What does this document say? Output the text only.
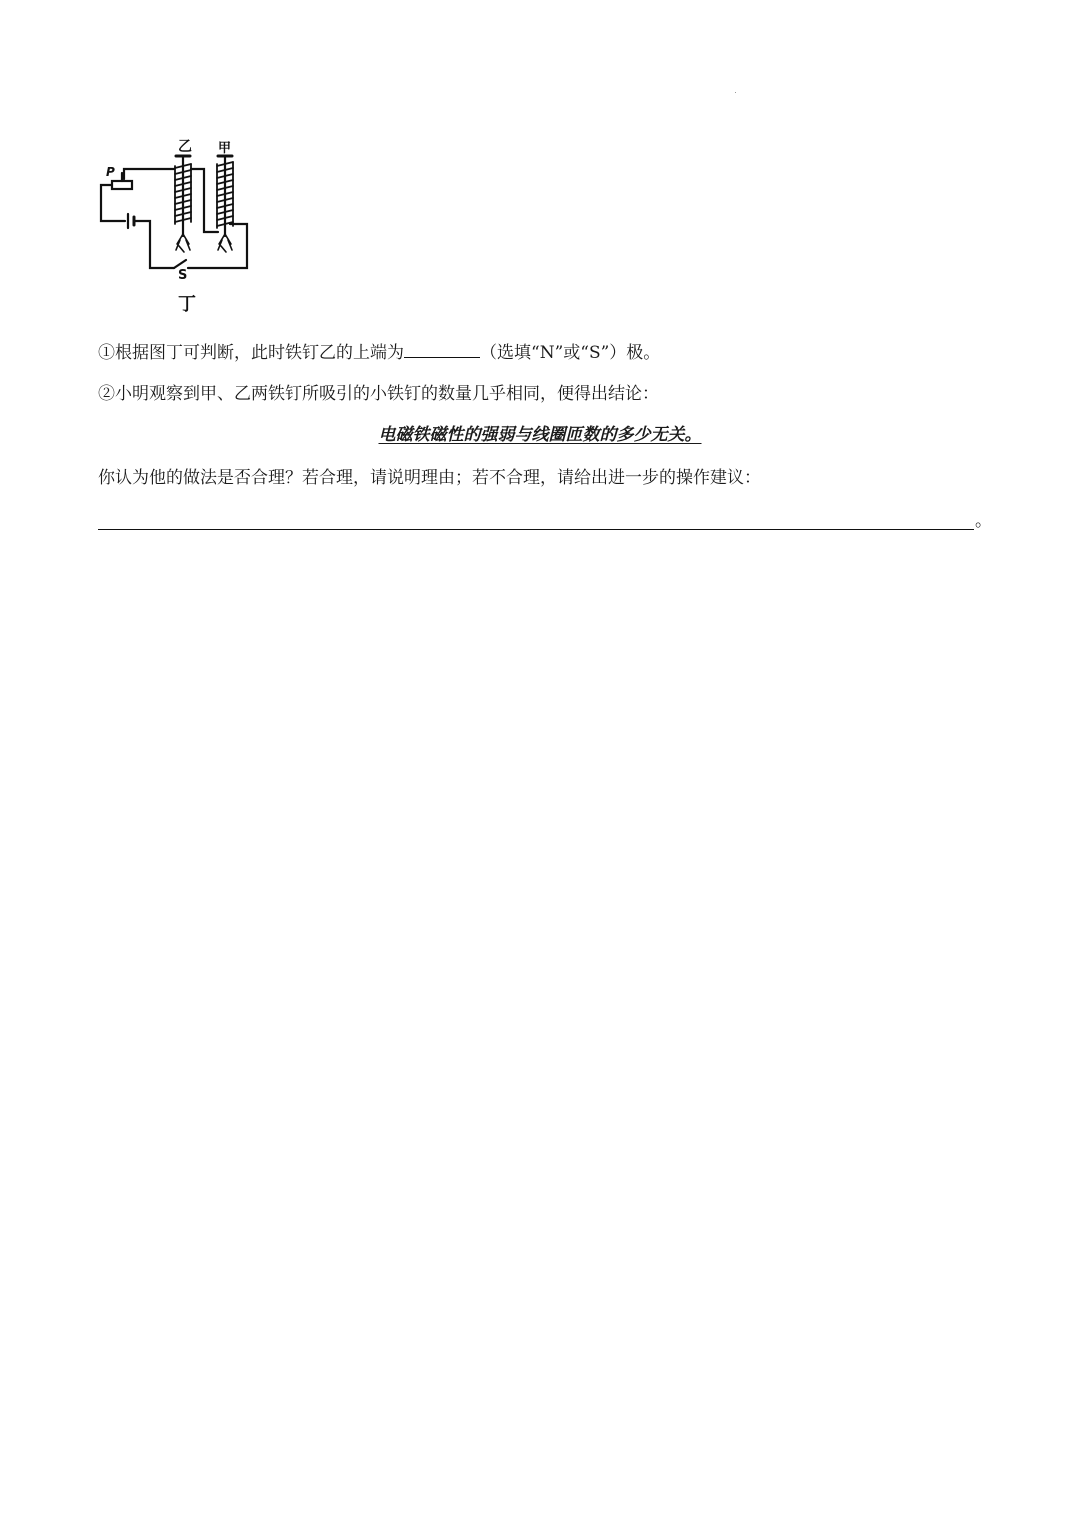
乙 甲
P
S
丁
①根据图丁可判断，此时铁钉乙的上端为	（选填“N”或“S”）极。
②小明观察到甲、乙两铁钉所吸引的小铁钉的数量几乎相同，便得出结论：
电磁铁磁性的强弱与线圈匝数的多少无关。
你认为他的做法是否合理？若合理，请说明理由；若不合理，请给出进一步的操作建议：
。
